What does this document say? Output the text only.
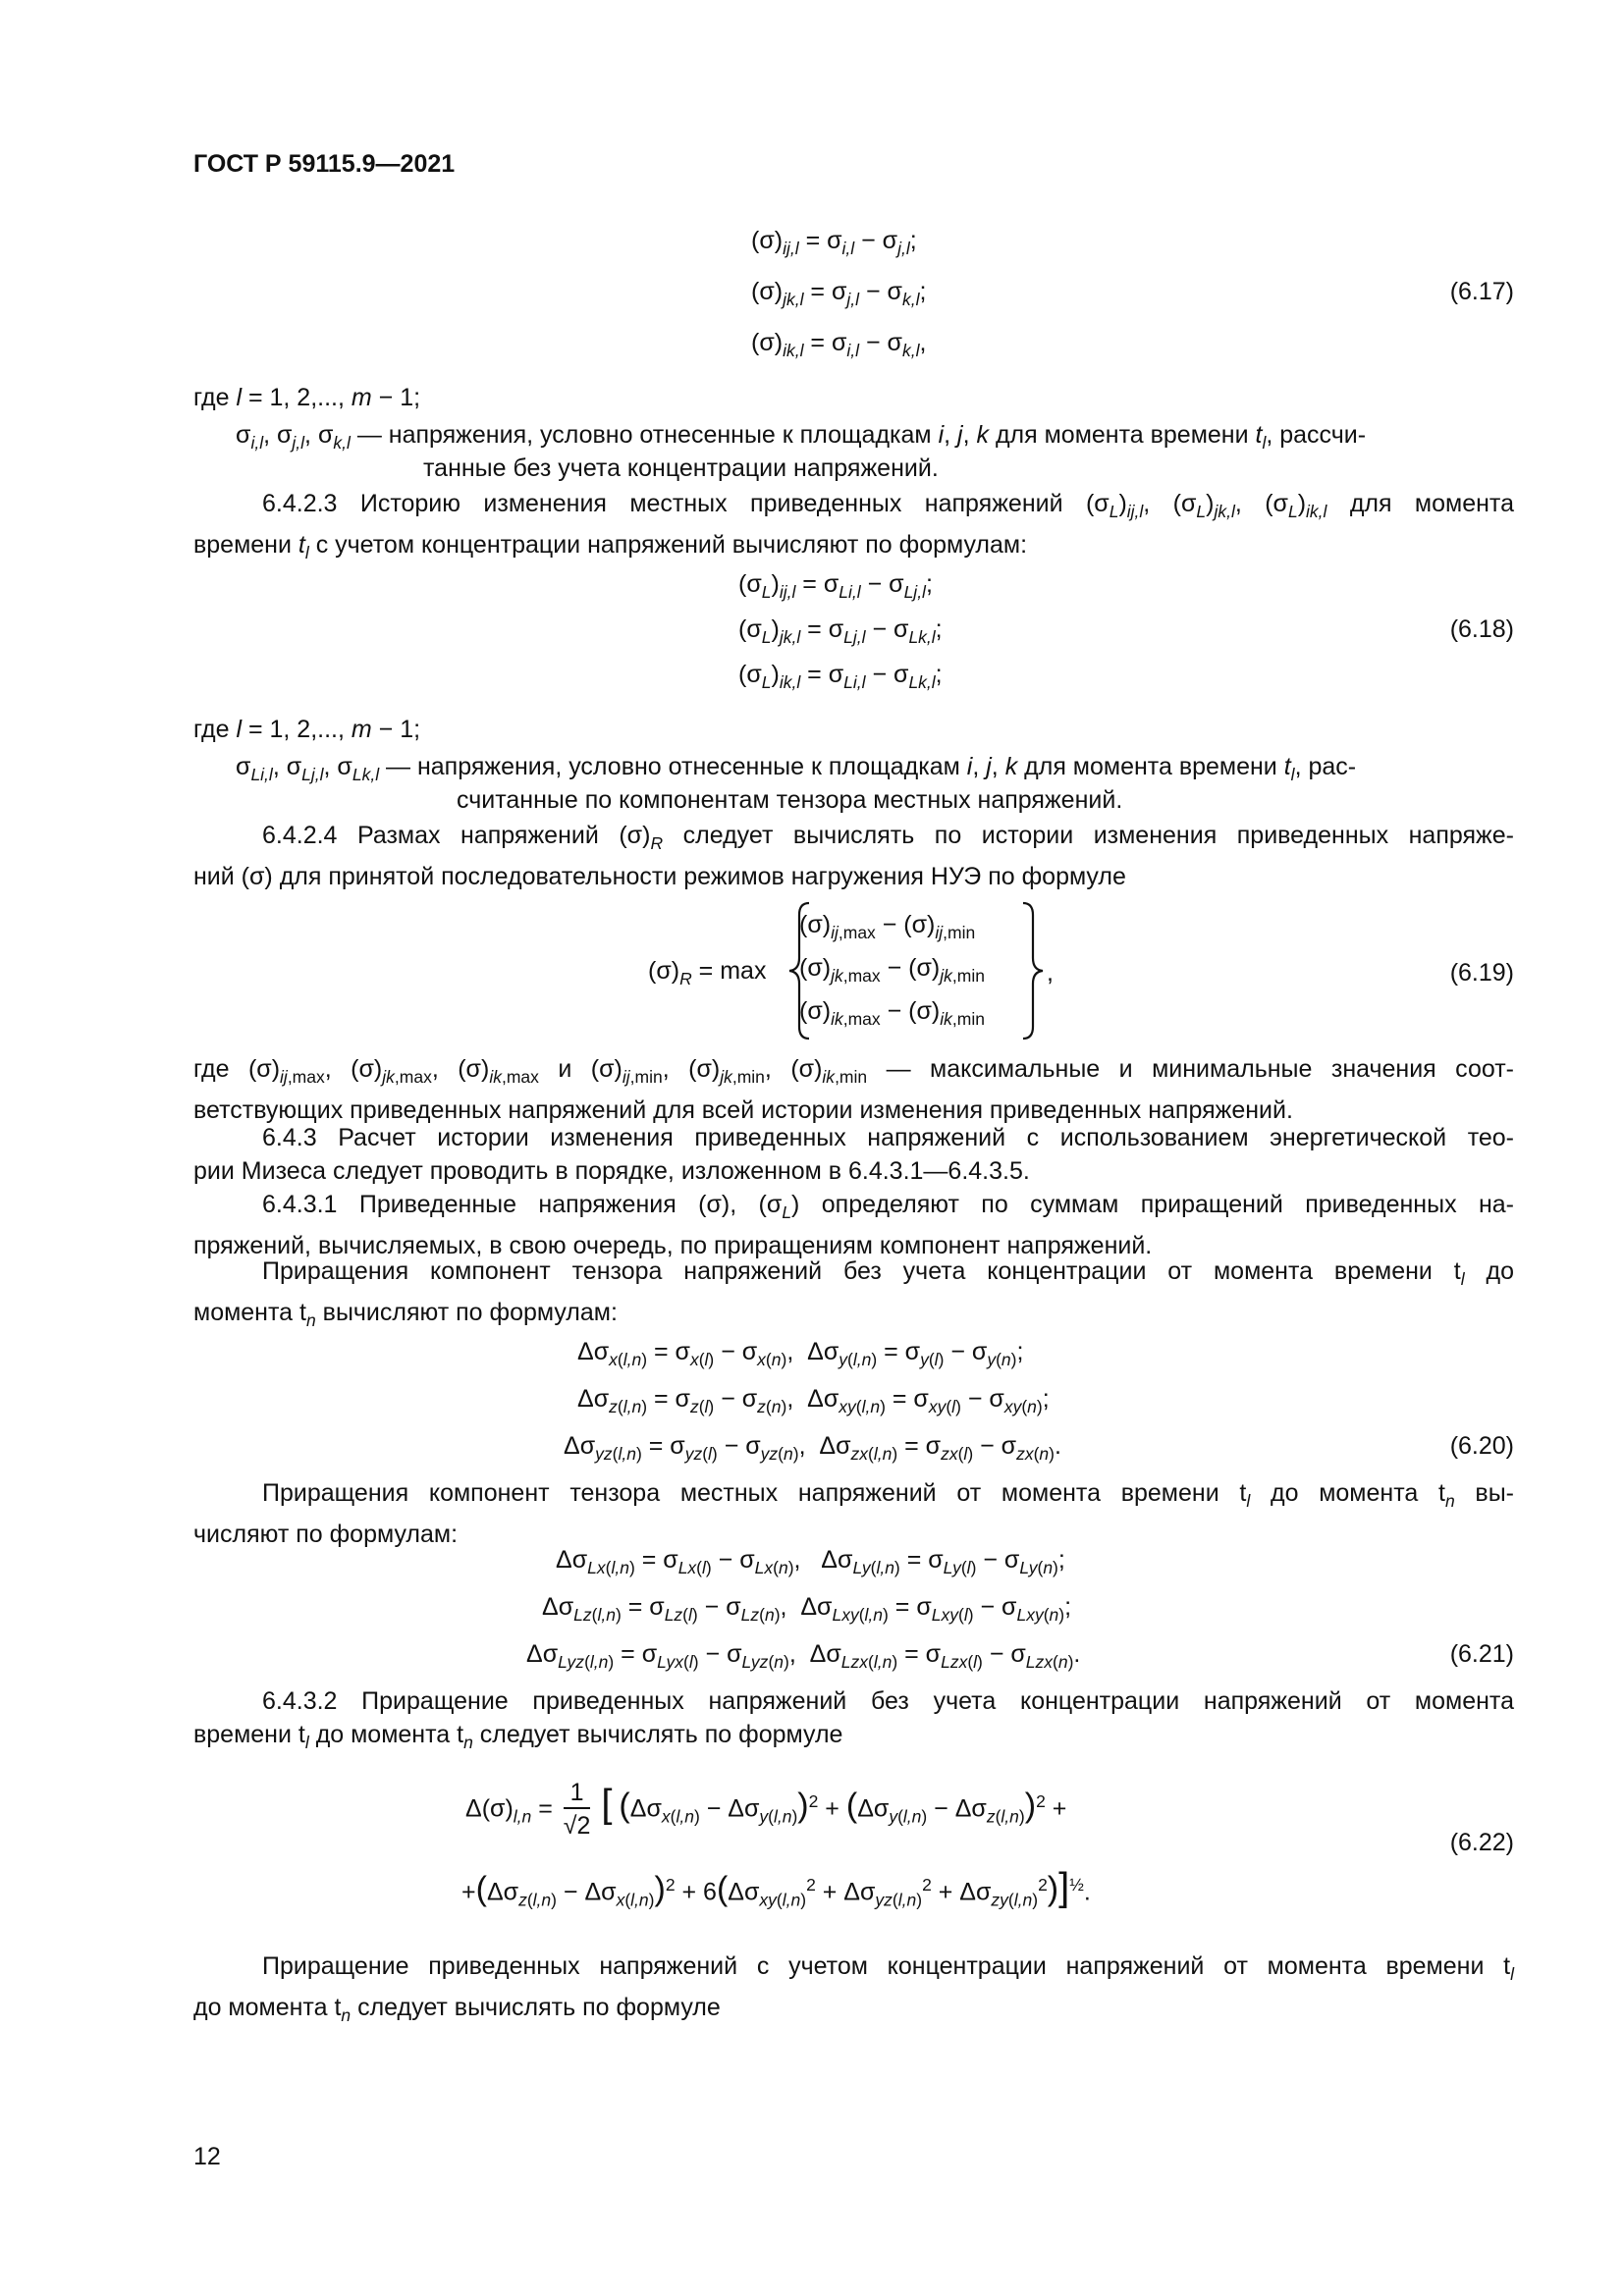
ГОСТ Р 59115.9—2021
$(\sigma)_{ij,l} = \sigma_{i,l} - \sigma_{j,l}$;
$(\sigma)_{jk,l} = \sigma_{j,l} - \sigma_{k,l}$;
$(\sigma)_{ik,l} = \sigma_{i,l} - \sigma_{k,l}$,
(6.17)
где l = 1, 2,..., m − 1;
$\sigma_{i,l}$, $\sigma_{j,l}$, $\sigma_{k,l}$ — напряжения, условно отнесенные к площадкам i, j, k для момента времени $t_l$, рассчи-
танные без учета концентрации напряжений.
6.4.2.3 Историю изменения местных приведенных напряжений $(\sigma_L)_{ij,l}$, $(\sigma_L)_{jk,l}$, $(\sigma_L)_{ik,l}$ для момента
времени $t_l$ с учетом концентрации напряжений вычисляют по формулам:
$(\sigma_L)_{ij,l} = \sigma_{Li,l} - \sigma_{Lj,l}$;
$(\sigma_L)_{jk,l} = \sigma_{Lj,l} - \sigma_{Lk,l}$;
$(\sigma_L)_{ik,l} = \sigma_{Li,l} - \sigma_{Lk,l}$;
(6.18)
где l = 1, 2,..., m − 1;
$\sigma_{Li,l}$, $\sigma_{Lj,l}$, $\sigma_{Lk,l}$ — напряжения, условно отнесенные к площадкам i, j, k для момента времени $t_l$, рас-
считанные по компонентам тензора местных напряжений.
6.4.2.4 Размах напряжений $(\sigma)_R$ следует вычислять по истории изменения приведенных напряже-
ний (σ) для принятой последовательности режимов нагружения НУЭ по формуле
$(\sigma)_R = \max$
$(\sigma)_{ij,max} - (\sigma)_{ij,min}$
$(\sigma)_{jk,max} - (\sigma)_{jk,min}$
$(\sigma)_{ik,max} - (\sigma)_{ik,min}$
,	(6.19)
где $(\sigma)_{ij,max}$, $(\sigma)_{jk,max}$, $(\sigma)_{ik,max}$ и $(\sigma)_{ij,min}$, $(\sigma)_{jk,min}$, $(\sigma)_{ik,min}$ — максимальные и минимальные значения соот-
ветствующих приведенных напряжений для всей истории изменения приведенных напряжений.
6.4.3 Расчет истории изменения приведенных напряжений с использованием энергетической тео-
рии Мизеса следует проводить в порядке, изложенном в 6.4.3.1—6.4.3.5.
6.4.3.1 Приведенные напряжения (σ), $(\sigma_L)$ определяют по суммам приращений приведенных на-
пряжений, вычисляемых, в свою очередь, по приращениям компонент напряжений.
Приращения компонент тензора напряжений без учета концентрации от момента времени $t_l$ до
момента $t_n$ вычисляют по формулам:
$\Delta\sigma_{x(l,n)} = \sigma_{x(l)} - \sigma_{x(n)}$,  $\Delta\sigma_{y(l,n)} = \sigma_{y(l)} - \sigma_{y(n)}$;
$\Delta\sigma_{z(l,n)} = \sigma_{z(l)} - \sigma_{z(n)}$,  $\Delta\sigma_{xy(l,n)} = \sigma_{xy(l)} - \sigma_{xy(n)}$;
$\Delta\sigma_{yz(l,n)} = \sigma_{yz(l)} - \sigma_{yz(n)}$,  $\Delta\sigma_{zx(l,n)} = \sigma_{zx(l)} - \sigma_{zx(n)}$.	(6.20)
Приращения компонент тензора местных напряжений от момента времени $t_l$ до момента $t_n$ вы-
числяют по формулам:
$\Delta\sigma_{Lx(l,n)} = \sigma_{Lx(l)} - \sigma_{Lx(n)}$,   $\Delta\sigma_{Ly(l,n)} = \sigma_{Ly(l)} - \sigma_{Ly(n)}$;
$\Delta\sigma_{Lz(l,n)} = \sigma_{Lz(l)} - \sigma_{Lz(n)}$,  $\Delta\sigma_{Lxy(l,n)} = \sigma_{Lxy(l)} - \sigma_{Lxy(n)}$;
$\Delta\sigma_{Lyz(l,n)} = \sigma_{Lyx(l)} - \sigma_{Lyz(n)}$,  $\Delta\sigma_{Lzx(l,n)} = \sigma_{Lzx(l)} - \sigma_{Lzx(n)}$.	(6.21)
6.4.3.2 Приращение приведенных напряжений без учета концентрации напряжений от момента
времени $t_l$ до момента $t_n$ следует вычислять по формуле
$\Delta(\sigma)_{l,n} = \frac{1}{√2}$ [ $(\Delta\sigma_{x(l,n)} - \Delta\sigma_{y(l,n)})^2 + (\Delta\sigma_{y(l,n)} - \Delta\sigma_{z(l,n)})^2$ +
$+(\Delta\sigma_{z(l,n)} - \Delta\sigma_{x(l,n)})^2 + 6(\Delta\sigma_{xy(l,n)}^2 + \Delta\sigma_{yz(l,n)}^2 + \Delta\sigma_{zy(l,n)}^2)]^{\frac{1}{2}}$.
(6.22)
Приращение приведенных напряжений с учетом концентрации напряжений от момента времени $t_l$
до момента $t_n$ следует вычислять по формуле
12
